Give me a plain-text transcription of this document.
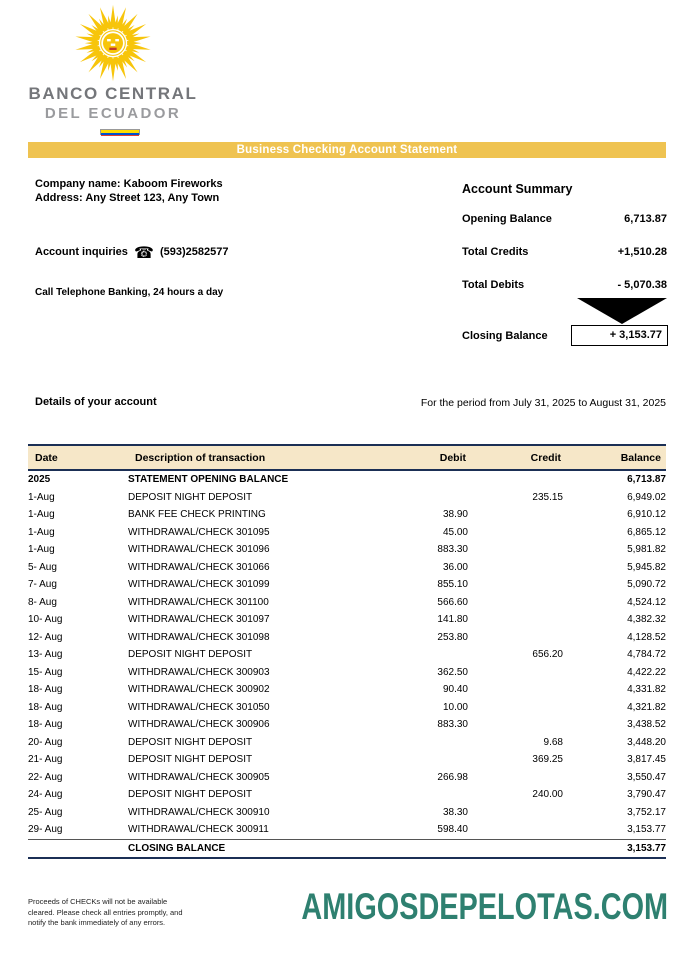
BANCO CENTRAL
DEL ECUADOR
Business Checking Account Statement
Company name: Kaboom Fireworks
Address: Any Street 123, Any Town
Account inquiries ☎ (593)2582577
Call Telephone Banking, 24 hours a day
Account Summary
Opening Balance	6,713.87
Total Credits	+1,510.28
Total Debits	- 5,070.38
Closing Balance	+ 3,153.77
Details of your account	For the period from July 31, 2025 to August 31, 2025
Date	Description of transaction	Debit	Credit	Balance
2025	STATEMENT OPENING BALANCE			6,713.87
1-Aug	DEPOSIT NIGHT DEPOSIT		235.15	6,949.02
1-Aug	BANK FEE CHECK PRINTING	38.90		6,910.12
1-Aug	WITHDRAWAL/CHECK 301095	45.00		6,865.12
1-Aug	WITHDRAWAL/CHECK 301096	883.30		5,981.82
5- Aug	WITHDRAWAL/CHECK 301066	36.00		5,945.82
7- Aug	WITHDRAWAL/CHECK 301099	855.10		5,090.72
8- Aug	WITHDRAWAL/CHECK 301100	566.60		4,524.12
10- Aug	WITHDRAWAL/CHECK 301097	141.80		4,382.32
12- Aug	WITHDRAWAL/CHECK 301098	253.80		4,128.52
13- Aug	DEPOSIT NIGHT DEPOSIT		656.20	4,784.72
15- Aug	WITHDRAWAL/CHECK 300903	362.50		4,422.22
18- Aug	WITHDRAWAL/CHECK 300902	90.40		4,331.82
18- Aug	WITHDRAWAL/CHECK 301050	10.00		4,321.82
18- Aug	WITHDRAWAL/CHECK 300906	883.30		3,438.52
20- Aug	DEPOSIT NIGHT DEPOSIT		9.68	3,448.20
21- Aug	DEPOSIT NIGHT DEPOSIT		369.25	3,817.45
22- Aug	WITHDRAWAL/CHECK 300905	266.98		3,550.47
24- Aug	DEPOSIT NIGHT DEPOSIT		240.00	3,790.47
25- Aug	WITHDRAWAL/CHECK 300910	38.30		3,752.17
29- Aug	WITHDRAWAL/CHECK 300911	598.40		3,153.77
	CLOSING BALANCE			3,153.77
Proceeds of CHECKs will not be available
cleared. Please check all entries promptly, and
notify the bank immediately of any errors.	AMIGOSDEPELOTAS.COM
